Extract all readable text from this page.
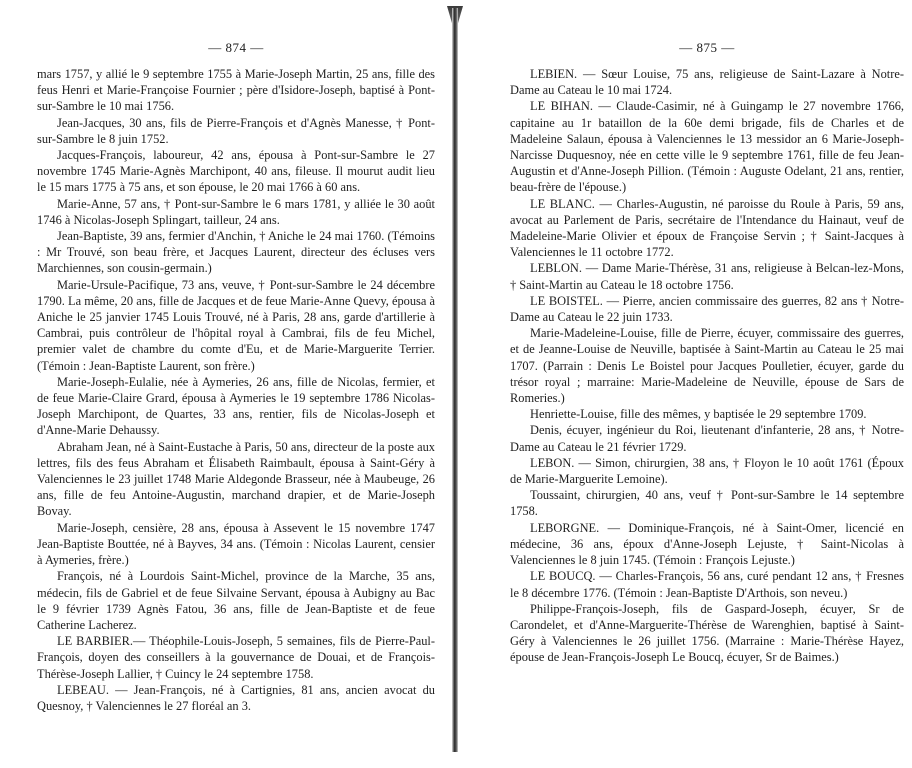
— 874 —

mars 1757, y allié le 9 septembre 1755 à Marie-Joseph Martin, 25 ans, fille des feus Henri et Marie-Françoise Fournier ; père d'Isidore-Joseph, baptisé à Pont-sur-Sambre le 10 mai 1756.

Jean-Jacques, 30 ans, fils de Pierre-François et d'Agnès Manesse, † Pont-sur-Sambre le 8 juin 1752.

Jacques-François, laboureur, 42 ans, épousa à Pont-sur-Sambre le 27 novembre 1745 Marie-Agnès Marchipont, 40 ans, fileuse. Il mourut audit lieu le 15 mars 1775 à 75 ans, et son épouse, le 20 mai 1766 à 60 ans.

Marie-Anne, 57 ans, † Pont-sur-Sambre le 6 mars 1781, y alliée le 30 août 1746 à Nicolas-Joseph Splingart, tailleur, 24 ans.

Jean-Baptiste, 39 ans, fermier d'Anchin, † Aniche le 24 mai 1760. (Témoins : Mr Trouvé, son beau frère, et Jacques Laurent, directeur des écluses vers Marchiennes, son cousin-germain.)

Marie-Ursule-Pacifique, 73 ans, veuve, † Pont-sur-Sambre le 24 décembre 1790. La même, 20 ans, fille de Jacques et de feue Marie-Anne Quevy, épousa à Aniche le 25 janvier 1745 Louis Trouvé, né à Paris, 28 ans, garde d'artillerie à Cambrai, puis contrôleur de l'hôpital royal à Cambrai, fils de feu Michel, premier valet de chambre du comte d'Eu, et de Marie-Marguerite Terrier. (Témoin : Jean-Baptiste Laurent, son frère.)

Marie-Joseph-Eulalie, née à Aymeries, 26 ans, fille de Nicolas, fermier, et de feue Marie-Claire Grard, épousa à Aymeries le 19 septembre 1786 Nicolas-Joseph Marchipont, de Quartes, 33 ans, rentier, fils de Nicolas-Joseph et d'Anne-Marie Dehaussy.

Abraham Jean, né à Saint-Eustache à Paris, 50 ans, directeur de la poste aux lettres, fils des feus Abraham et Élisabeth Raimbault, épousa à Saint-Géry à Valenciennes le 23 juillet 1748 Marie Aldegonde Brasseur, née à Maubeuge, 26 ans, fille de feu Antoine-Augustin, marchand drapier, et de Marie-Joseph Bovay.

Marie-Joseph, censière, 28 ans, épousa à Assevent le 15 novembre 1747 Jean-Baptiste Bouttée, né à Bayves, 34 ans. (Témoin : Nicolas Laurent, censier à Aymeries, frère.)

François, né à Lourdois Saint-Michel, province de la Marche, 35 ans, médecin, fils de Gabriel et de feue Silvaine Servant, épousa à Aubigny au Bac le 9 février 1739 Agnès Fatou, 36 ans, fille de Jean-Baptiste et de feue Catherine Lacherez.

LE BARBIER.— Théophile-Louis-Joseph, 5 semaines, fils de Pierre-Paul-François, doyen des conseillers à la gouvernance de Douai, et de François-Thérèse-Joseph Lallier, † Cuincy le 24 septembre 1758.

LEBEAU. — Jean-François, né à Cartignies, 81 ans, ancien avocat du Quesnoy, † Valenciennes le 27 floréal an 3.

— 875 —

LEBIEN. — Sœur Louise, 75 ans, religieuse de Saint-Lazare à Notre-Dame au Cateau le 10 mai 1724.

LE BIHAN. — Claude-Casimir, né à Guingamp le 27 novembre 1766, capitaine au 1r bataillon de la 60e demi brigade, fils de Charles et de Madeleine Salaun, épousa à Valenciennes le 13 messidor an 6 Marie-Joseph-Narcisse Duquesnoy, née en cette ville le 9 septembre 1761, fille de feu Jean-Augustin et d'Anne-Joseph Pillion. (Témoin : Auguste Odelant, 21 ans, rentier, beau-frère de l'épouse.)

LE BLANC. — Charles-Augustin, né paroisse du Roule à Paris, 59 ans, avocat au Parlement de Paris, secrétaire de l'Intendance du Hainaut, veuf de Madeleine-Marie Olivier et époux de Françoise Servin ; † Saint-Jacques à Valenciennes le 11 octobre 1772.

LEBLON. — Dame Marie-Thérèse, 31 ans, religieuse à Belcan-lez-Mons, † Saint-Martin au Cateau le 18 octobre 1756.

LE BOISTEL. — Pierre, ancien commissaire des guerres, 82 ans † Notre-Dame au Cateau le 22 juin 1733.

Marie-Madeleine-Louise, fille de Pierre, écuyer, commissaire des guerres, et de Jeanne-Louise de Neuville, baptisée à Saint-Martin au Cateau le 25 mai 1707. (Parrain : Denis Le Boistel pour Jacques Poulletier, écuyer, garde du trésor royal ; marraine: Marie-Madeleine de Neuville, épouse de Sars de Romeries.)

Henriette-Louise, fille des mêmes, y baptisée le 29 septembre 1709.

Denis, écuyer, ingénieur du Roi, lieutenant d'infanterie, 28 ans, † Notre-Dame au Cateau le 21 février 1729.

LEBON. — Simon, chirurgien, 38 ans, † Floyon le 10 août 1761 (Époux de Marie-Marguerite Lemoine).

Toussaint, chirurgien, 40 ans, veuf † Pont-sur-Sambre le 14 septembre 1758.

LEBORGNE. — Dominique-François, né à Saint-Omer, licencié en médecine, 36 ans, époux d'Anne-Joseph Lejuste, † Saint-Nicolas à Valenciennes le 8 juin 1745. (Témoin : François Lejuste.)

LE BOUCQ. — Charles-François, 56 ans, curé pendant 12 ans, † Fresnes le 8 décembre 1776. (Témoin : Jean-Baptiste D'Arthois, son neveu.)

Philippe-François-Joseph, fils de Gaspard-Joseph, écuyer, Sr de Carondelet, et d'Anne-Marguerite-Thérèse de Warenghien, baptisé à Saint-Géry à Valenciennes le 26 juillet 1756. (Marraine : Marie-Thérèse Hayez, épouse de Jean-François-Joseph Le Boucq, écuyer, Sr de Baimes.)
